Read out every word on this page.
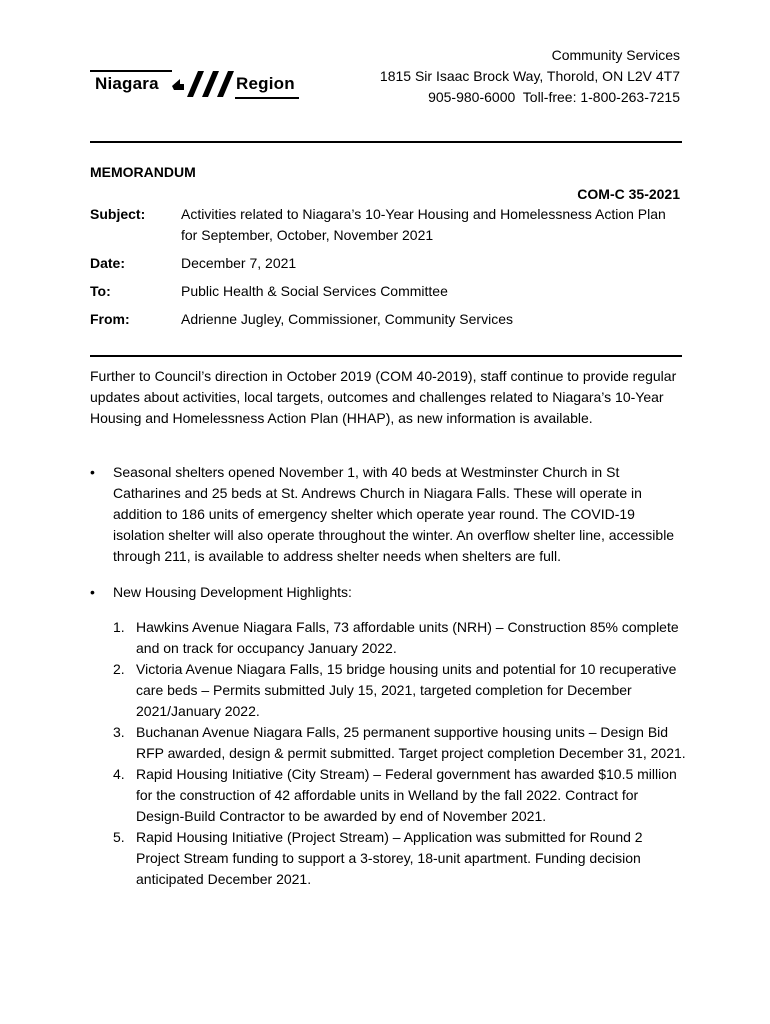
Niagara	Region
Community Services
1815 Sir Isaac Brock Way, Thorold, ON L2V 4T7
905-980-6000  Toll-free: 1-800-263-7215
MEMORANDUM
COM-C 35-2021
Subject:	Activities related to Niagara’s 10-Year Housing and Homelessness Action Plan for September, October, November 2021
Date:	December 7, 2021
To:	Public Health & Social Services Committee
From:	Adrienne Jugley, Commissioner, Community Services
Further to Council’s direction in October 2019 (COM 40-2019), staff continue to provide regular updates about activities, local targets, outcomes and challenges related to Niagara’s 10-Year Housing and Homelessness Action Plan (HHAP), as new information is available.
• Seasonal shelters opened November 1, with 40 beds at Westminster Church in St Catharines and 25 beds at St. Andrews Church in Niagara Falls. These will operate in addition to 186 units of emergency shelter which operate year round. The COVID-19 isolation shelter will also operate throughout the winter. An overflow shelter line, accessible through 211, is available to address shelter needs when shelters are full.
• New Housing Development Highlights:
1. Hawkins Avenue Niagara Falls, 73 affordable units (NRH) – Construction 85% complete and on track for occupancy January 2022.
2. Victoria Avenue Niagara Falls, 15 bridge housing units and potential for 10 recuperative care beds – Permits submitted July 15, 2021, targeted completion for December 2021/January 2022.
3. Buchanan Avenue Niagara Falls, 25 permanent supportive housing units – Design Bid RFP awarded, design & permit submitted. Target project completion December 31, 2021.
4. Rapid Housing Initiative (City Stream) – Federal government has awarded $10.5 million for the construction of 42 affordable units in Welland by the fall 2022. Contract for Design-Build Contractor to be awarded by end of November 2021.
5. Rapid Housing Initiative (Project Stream) – Application was submitted for Round 2 Project Stream funding to support a 3-storey, 18-unit apartment. Funding decision anticipated December 2021.
